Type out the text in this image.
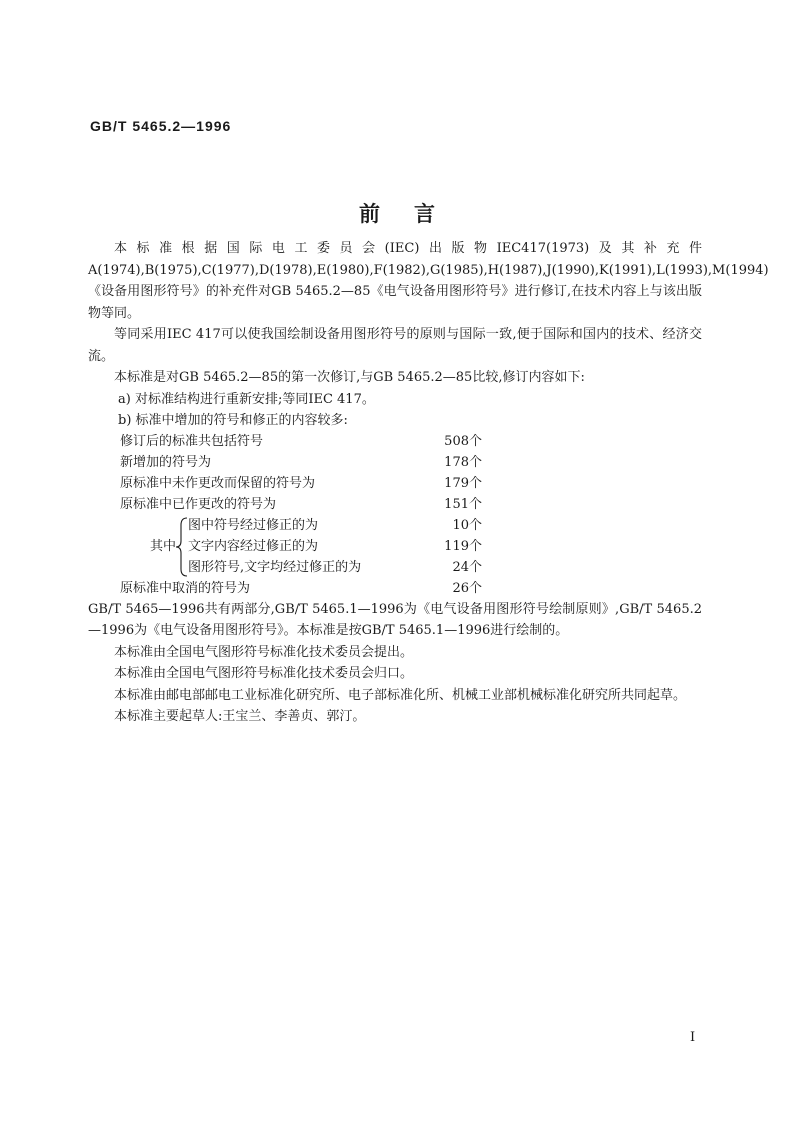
GB/T 5465.2—1996
前言

本标准根据国际电工委员会(IEC)出版物IEC417(1973)及其补充件A(1974),B(1975),C(1977),D(1978),E(1980),F(1982),G(1985),H(1987),J(1990),K(1991),L(1993),M(1994)《设备用图形符号》的补充件对GB 5465.2—85《电气设备用图形符号》进行修订,在技术内容上与该出版物等同。

等同采用IEC 417可以使我国绘制设备用图形符号的原则与国际一致,便于国际和国内的技术、经济交流。

本标准是对GB 5465.2—85的第一次修订,与GB 5465.2—85比较,修订内容如下:

a) 对标准结构进行重新安排;等同IEC 417。

b) 标准中增加的符号和修正的内容较多:

修订后的标准共包括符号	508个
新增加的符号为	178个
原标准中未作更改而保留的符号为	179个
原标准中已作更改的符号为	151个
其中
图中符号经过修正的为	10个
文字内容经过修正的为	119个
图形符号,文字均经过修正的为	24个
原标准中取消的符号为	26个

GB/T 5465—1996共有两部分,GB/T 5465.1—1996为《电气设备用图形符号绘制原则》,GB/T 5465.2—1996为《电气设备用图形符号》。本标准是按GB/T 5465.1—1996进行绘制的。

本标准由全国电气图形符号标准化技术委员会提出。

本标准由全国电气图形符号标准化技术委员会归口。

本标准由邮电部邮电工业标准化研究所、电子部标准化所、机械工业部机械标准化研究所共同起草。

本标准主要起草人:王宝兰、李善贞、郭汀。

I
